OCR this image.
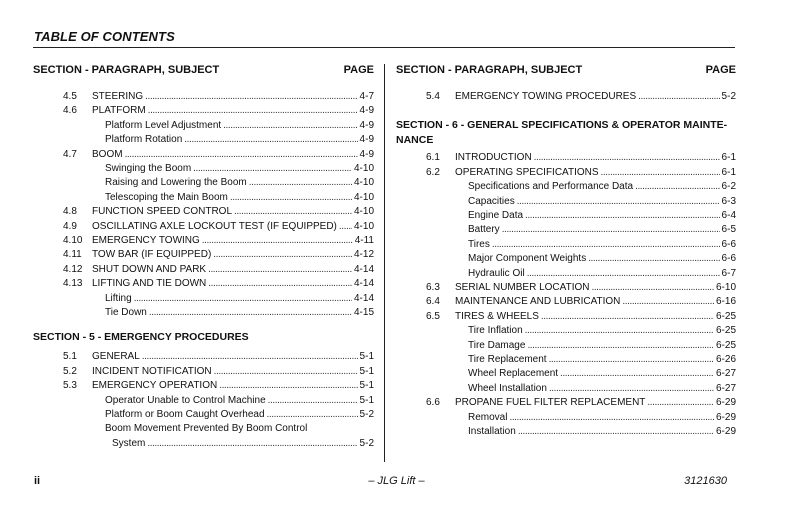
TABLE OF CONTENTS
SECTION - PARAGRAPH, SUBJECT	PAGE
4.5 STEERING . . .	4-7
4.6 PLATFORM . . .	4-9
Platform Level Adjustment . . .	4-9
Platform Rotation . . .	4-9
4.7 BOOM . . .	4-9
Swinging the Boom . . .	4-10
Raising and Lowering the Boom . . .	4-10
Telescoping the Main Boom . . .	4-10
4.8 FUNCTION SPEED CONTROL . . .	4-10
4.9 OSCILLATING AXLE LOCKOUT TEST (IF EQUIPPED) . . . 4-10
4.10 EMERGENCY TOWING . . .	4-11
4.11 TOW BAR (IF EQUIPPED) . . .	4-12
4.12 SHUT DOWN AND PARK . . .	4-14
4.13 LIFTING AND TIE DOWN . . .	4-14
Lifting . . .	4-14
Tie Down . . .	4-15
SECTION - 5 - EMERGENCY PROCEDURES
5.1 GENERAL . . .	5-1
5.2 INCIDENT NOTIFICATION . . .	5-1
5.3 EMERGENCY OPERATION . . .	5-1
Operator Unable to Control Machine . . .	5-1
Platform or Boom Caught Overhead . . .	5-2
Boom Movement Prevented By Boom Control
System . . .	5-2
SECTION - PARAGRAPH, SUBJECT	PAGE
5.4 EMERGENCY TOWING PROCEDURES . . .	5-2
SECTION - 6 - GENERAL SPECIFICATIONS & OPERATOR MAINTE-
NANCE
6.1 INTRODUCTION . . .	6-1
6.2 OPERATING SPECIFICATIONS . . .	6-1
Specifications and Performance Data . . .	6-2
Capacities . . .	6-3
Engine Data . . .	6-4
Battery . . .	6-5
Tires . . .	6-6
Major Component Weights . . .	6-6
Hydraulic Oil . . .	6-7
6.3 SERIAL NUMBER LOCATION . . .	6-10
6.4 MAINTENANCE AND LUBRICATION . . .	6-16
6.5 TIRES & WHEELS . . .	6-25
Tire Inflation . . .	6-25
Tire Damage . . .	6-25
Tire Replacement . . .	6-26
Wheel Replacement . . .	6-27
Wheel Installation . . .	6-27
6.6 PROPANE FUEL FILTER REPLACEMENT . . .	6-29
Removal . . .	6-29
Installation . . .	6-29
ii	– JLG Lift –	3121630
